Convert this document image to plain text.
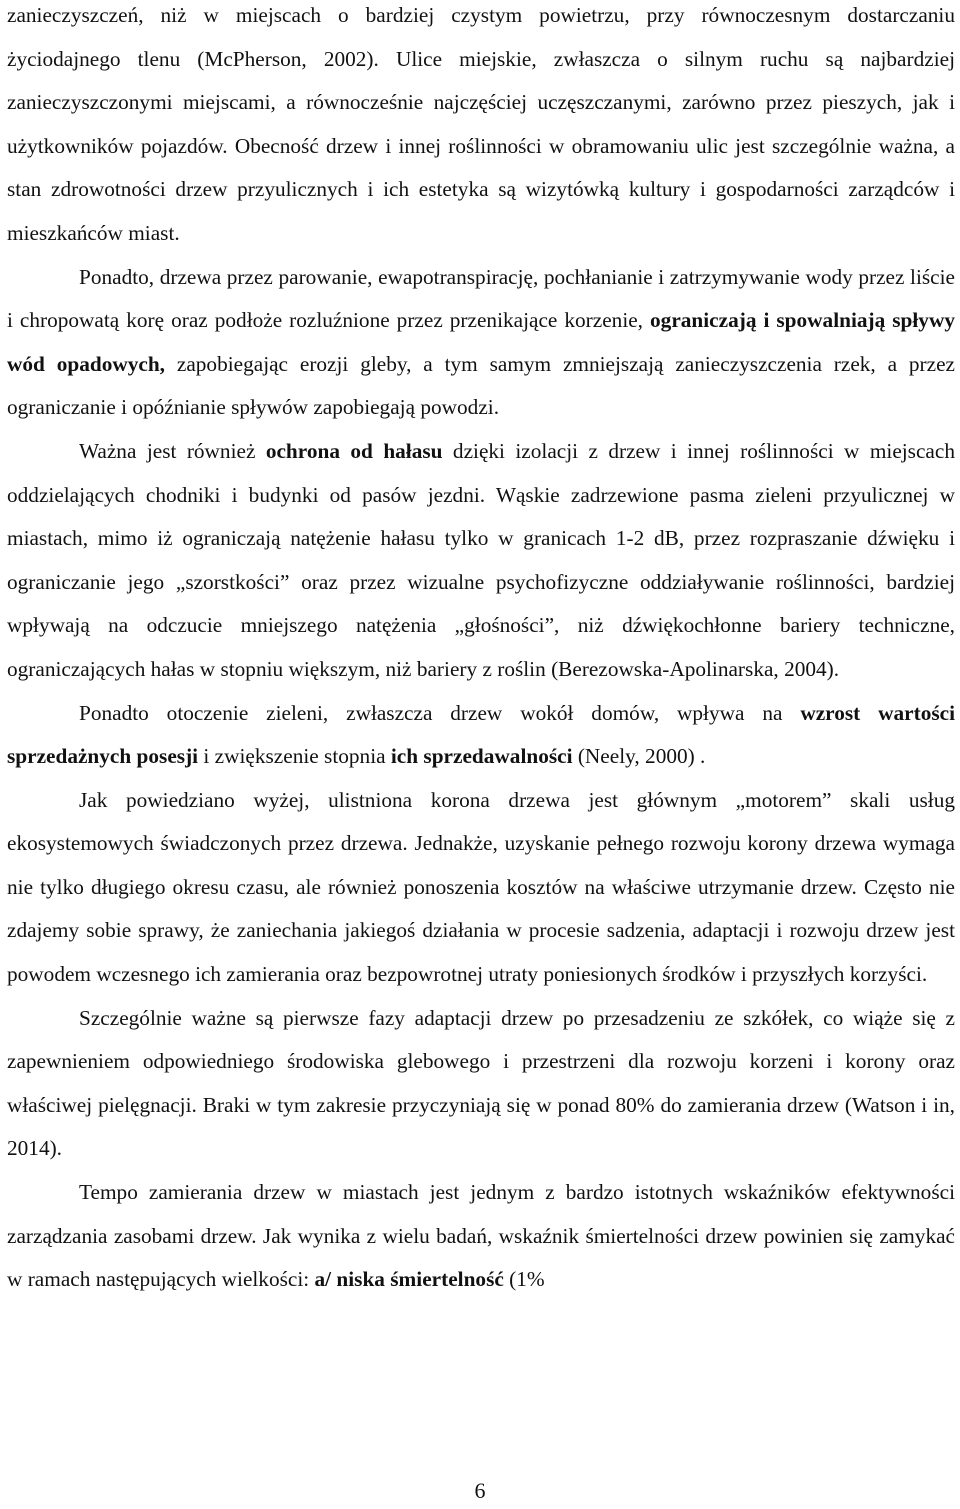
zanieczyszczeń, niż w miejscach o bardziej czystym powietrzu, przy równoczesnym dostarczaniu życiodajnego tlenu (McPherson, 2002). Ulice miejskie, zwłaszcza o silnym ruchu są najbardziej zanieczyszczonymi miejscami, a równocześnie najczęściej uczęszczanymi, zarówno przez pieszych, jak i użytkowników pojazdów. Obecność drzew i innej roślinności w obramowaniu ulic jest szczególnie ważna, a stan zdrowotności drzew przyulicznych i ich estetyka są wizytówką kultury i gospodarności zarządców i mieszkańców miast.

Ponadto, drzewa przez parowanie, ewapotranspirację, pochłanianie i zatrzymywanie wody przez liście i chropowatą korę oraz podłoże rozluźnione przez przenikające korzenie, ograniczają i spowalniają spływy wód opadowych, zapobiegając erozji gleby, a tym samym zmniejszają zanieczyszczenia rzek, a przez ograniczanie i opóźnianie spływów zapobiegają powodzi.

Ważna jest również ochrona od hałasu dzięki izolacji z drzew i innej roślinności w miejscach oddzielających chodniki i budynki od pasów jezdni. Wąskie zadrzewione pasma zieleni przyulicznej w miastach, mimo iż ograniczają natężenie hałasu tylko w granicach 1-2 dB, przez rozpraszanie dźwięku i ograniczanie jego „szorstkości” oraz przez wizualne psychofizyczne oddziaływanie roślinności, bardziej wpływają na odczucie mniejszego natężenia „głośności”, niż dźwiękochłonne bariery techniczne, ograniczających hałas w stopniu większym, niż bariery z roślin (Berezowska-Apolinarska, 2004).

Ponadto otoczenie zieleni, zwłaszcza drzew wokół domów, wpływa na wzrost wartości sprzedażnych posesji i zwiększenie stopnia ich sprzedawalności (Neely, 2000) .

Jak powiedziano wyżej, ulistniona korona drzewa jest głównym „motorem” skali usług ekosystemowych świadczonych przez drzewa. Jednakże, uzyskanie pełnego rozwoju korony drzewa wymaga nie tylko długiego okresu czasu, ale również ponoszenia kosztów na właściwe utrzymanie drzew. Często nie zdajemy sobie sprawy, że zaniechania jakiegoś działania w procesie sadzenia, adaptacji i rozwoju drzew jest powodem wczesnego ich zamierania oraz bezpowrotnej utraty poniesionych środków i przyszłych korzyści.

Szczególnie ważne są pierwsze fazy adaptacji drzew po przesadzeniu ze szkółek, co wiąże się z zapewnieniem odpowiedniego środowiska glebowego i przestrzeni dla rozwoju korzeni i korony oraz właściwej pielęgnacji. Braki w tym zakresie przyczyniają się w ponad 80% do zamierania drzew (Watson i in, 2014).

Tempo zamierania drzew w miastach jest jednym z bardzo istotnych wskaźników efektywności zarządzania zasobami drzew. Jak wynika z wielu badań, wskaźnik śmiertelności drzew powinien się zamykać w ramach następujących wielkości: a/ niska śmiertelność (1%

6
